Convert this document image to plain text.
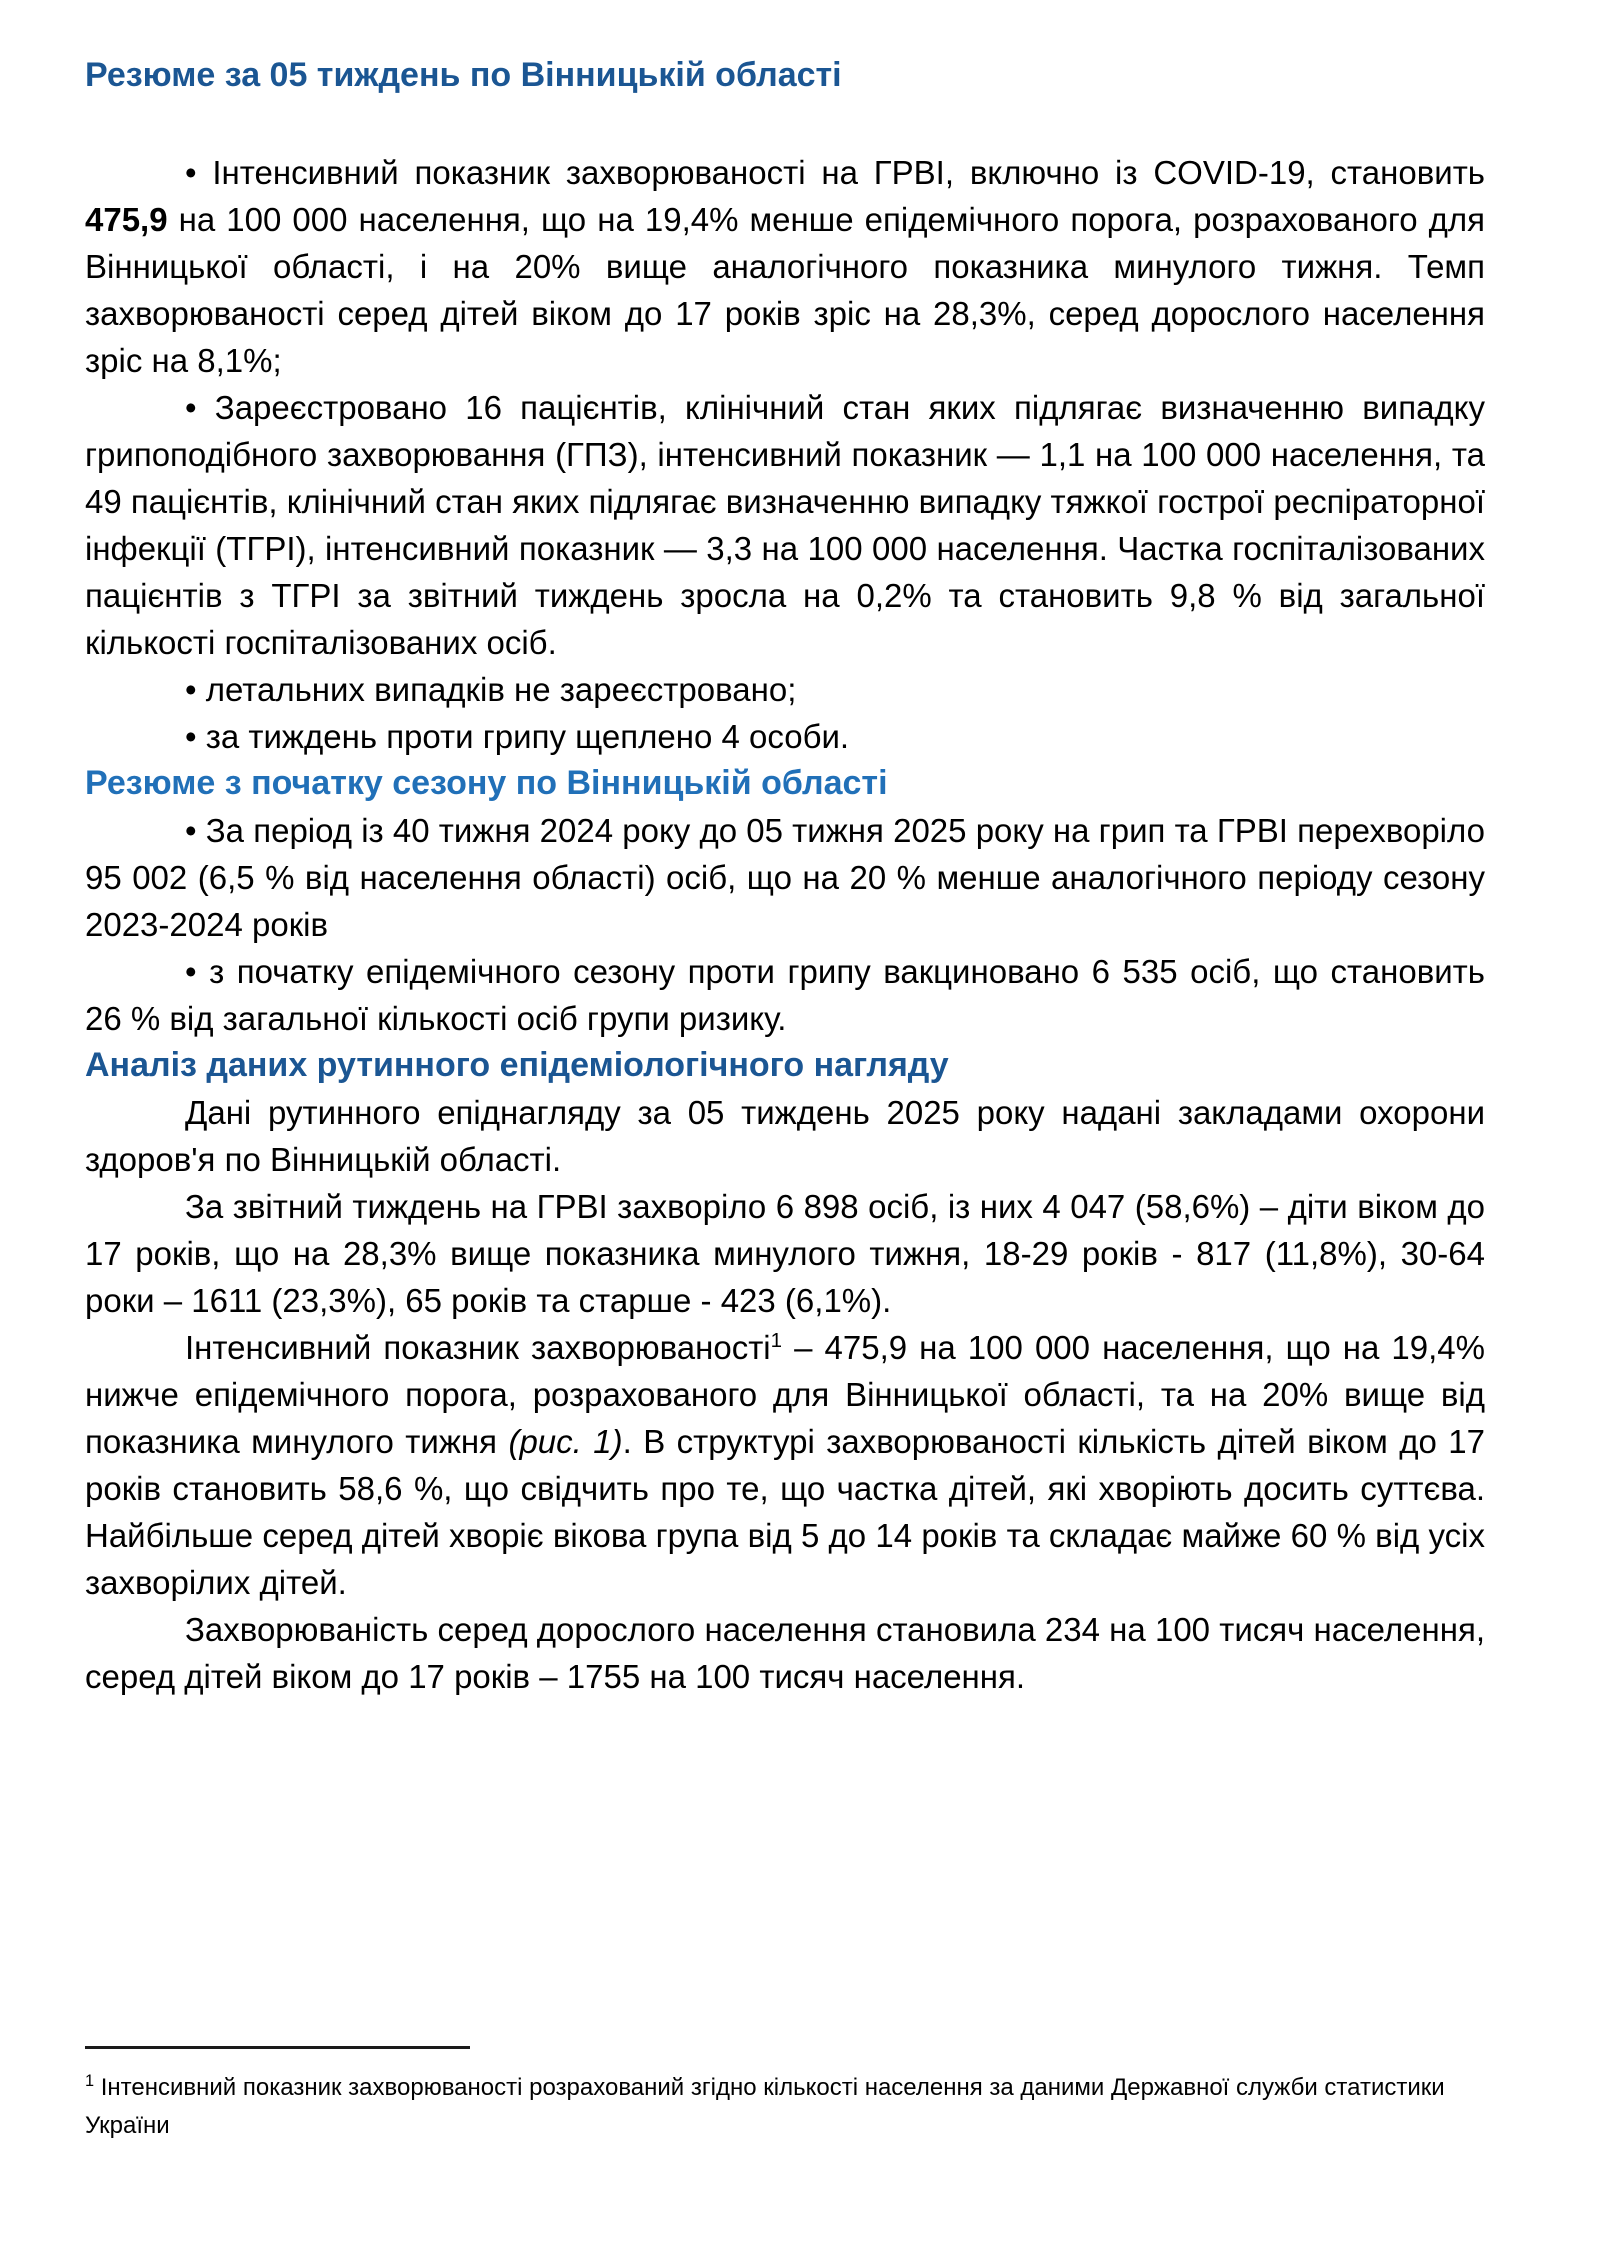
Резюме за 05 тиждень по Вінницькій області

• Інтенсивний показник захворюваності на ГРВІ, включно із COVID-19, становить 475,9 на 100 000 населення, що на 19,4% менше епідемічного порога, розрахованого для Вінницької області, і на 20% вище аналогічного показника минулого тижня. Темп захворюваності серед дітей віком до 17 років зріс на 28,3%, серед дорослого населення зріс на 8,1%;

• Зареєстровано 16 пацієнтів, клінічний стан яких підлягає визначенню випадку грипоподібного захворювання (ГПЗ), інтенсивний показник — 1,1 на 100 000 населення, та 49 пацієнтів, клінічний стан яких підлягає визначенню випадку тяжкої гострої респіраторної інфекції (ТГРІ), інтенсивний показник — 3,3 на 100 000 населення. Частка госпіталізованих пацієнтів з ТГРІ за звітний тиждень зросла на 0,2% та становить 9,8 % від загальної кількості госпіталізованих осіб.

• летальних випадків не зареєстровано;

• за тиждень проти грипу щеплено 4 особи.

Резюме з початку сезону по Вінницькій області

• За період із 40 тижня 2024 року до 05 тижня 2025 року на грип та ГРВІ перехворіло 95 002 (6,5 % від населення області) осіб, що на 20 % менше аналогічного періоду сезону 2023-2024 років

• з початку епідемічного сезону проти грипу вакциновано 6 535 осіб, що становить 26 % від загальної кількості осіб групи ризику.

Аналіз даних рутинного епідеміологічного нагляду

Дані рутинного епіднагляду за 05 тиждень 2025 року надані закладами охорони здоров'я по Вінницькій області.

За звітний тиждень на ГРВІ захворіло 6 898 осіб, із них 4 047 (58,6%) – діти віком до 17 років, що на 28,3% вище показника минулого тижня, 18-29 років - 817 (11,8%), 30-64 роки – 1611 (23,3%), 65 років та старше - 423 (6,1%).

Інтенсивний показник захворюваності$^1$ – 475,9 на 100 000 населення, що на 19,4% нижче епідемічного порога, розрахованого для Вінницької області, та на 20% вище від показника минулого тижня (рис. 1). В структурі захворюваності кількість дітей віком до 17 років становить 58,6 %, що свідчить про те, що частка дітей, які хворіють досить суттєва. Найбільше серед дітей хворіє вікова група від 5 до 14 років та складає майже 60 % від усіх захворілих дітей.

Захворюваність серед дорослого населення становила 234 на 100 тисяч населення, серед дітей віком до 17 років – 1755 на 100 тисяч населення.

$^1$ Інтенсивний показник захворюваності розрахований згідно кількості населення за даними Державної служби статистики України
